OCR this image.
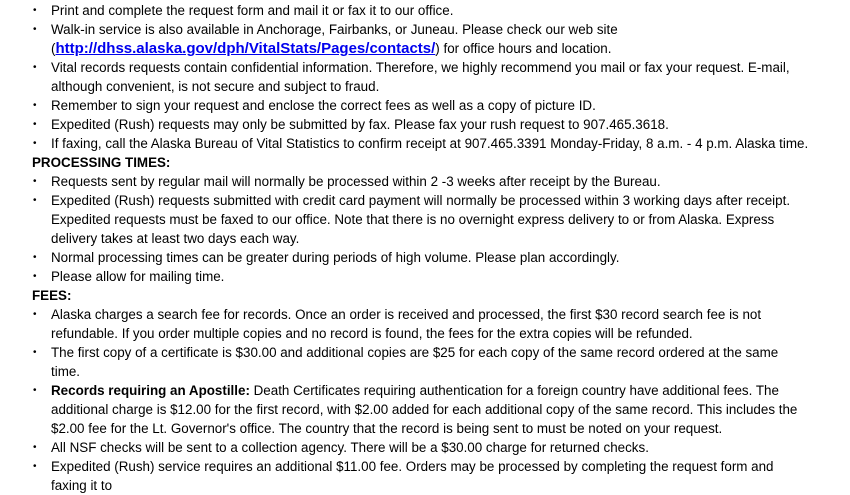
• Print and complete the request form and mail it or fax it to our office.
• Walk-in service is also available in Anchorage, Fairbanks, or Juneau. Please check our web site (http://dhss.alaska.gov/dph/VitalStats/Pages/contacts/) for office hours and location.
• Vital records requests contain confidential information. Therefore, we highly recommend you mail or fax your request. E-mail, although convenient, is not secure and subject to fraud.
• Remember to sign your request and enclose the correct fees as well as a copy of picture ID.
• Expedited (Rush) requests may only be submitted by fax. Please fax your rush request to 907.465.3618.
• If faxing, call the Alaska Bureau of Vital Statistics to confirm receipt at 907.465.3391 Monday-Friday, 8 a.m. - 4 p.m. Alaska time.
PROCESSING TIMES:
• Requests sent by regular mail will normally be processed within 2 -3 weeks after receipt by the Bureau.
• Expedited (Rush) requests submitted with credit card payment will normally be processed within 3 working days after receipt. Expedited requests must be faxed to our office. Note that there is no overnight express delivery to or from Alaska. Express delivery takes at least two days each way.
• Normal processing times can be greater during periods of high volume. Please plan accordingly.
• Please allow for mailing time.
FEES:
• Alaska charges a search fee for records. Once an order is received and processed, the first $30 record search fee is not refundable. If you order multiple copies and no record is found, the fees for the extra copies will be refunded.
• The first copy of a certificate is $30.00 and additional copies are $25 for each copy of the same record ordered at the same time.
• Records requiring an Apostille: Death Certificates requiring authentication for a foreign country have additional fees. The additional charge is $12.00 for the first record, with $2.00 added for each additional copy of the same record. This includes the $2.00 fee for the Lt. Governor's office. The country that the record is being sent to must be noted on your request.
• All NSF checks will be sent to a collection agency. There will be a $30.00 charge for returned checks.
• Expedited (Rush) service requires an additional $11.00 fee. Orders may be processed by completing the request form and faxing it to
